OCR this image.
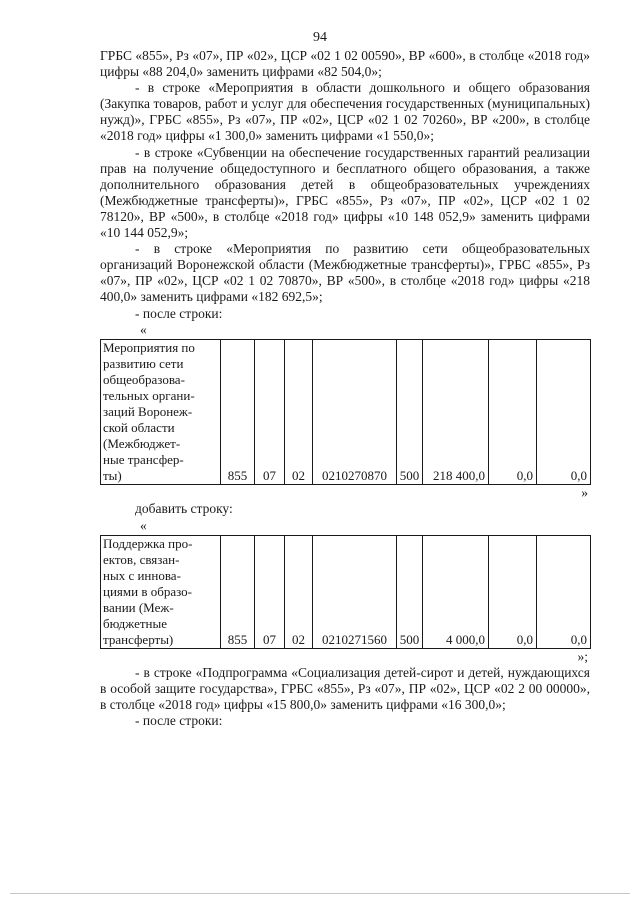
94

ГРБС «855», Рз «07», ПР «02», ЦСР «02 1 02 00590», ВР «600», в столбце «2018 год» цифры «88 204,0» заменить цифрами «82 504,0»;

- в строке «Мероприятия в области дошкольного и общего образования (Закупка товаров, работ и услуг для обеспечения государственных (муниципальных) нужд)», ГРБС «855», Рз «07», ПР «02», ЦСР «02 1 02 70260», ВР «200», в столбце «2018 год» цифры «1 300,0» заменить цифрами «1 550,0»;

- в строке «Субвенции на обеспечение государственных гарантий реализации прав на получение общедоступного и бесплатного общего образования, а также дополнительного образования детей в общеобразовательных учреждениях (Межбюджетные трансферты)», ГРБС «855», Рз «07», ПР «02», ЦСР «02 1 02 78120», ВР «500», в столбце «2018 год» цифры «10 148 052,9» заменить цифрами «10 144 052,9»;

- в строке «Мероприятия по развитию сети общеобразовательных организаций Воронежской области (Межбюджетные трансферты)», ГРБС «855», Рз «07», ПР «02», ЦСР «02 1 02 70870», ВР «500», в столбце «2018 год» цифры «218 400,0» заменить цифрами «182 692,5»;

- после строки:

«
Мероприятия по
развитию сети
общеобразова-
тельных органи-
заций Воронеж-
ской области
(Межбюджет-
ные трансфер-
ты)	855	07	02	0210270870	500	218 400,0	0,0	0,0
»

добавить строку:

«
Поддержка про-
ектов, связан-
ных с иннова-
циями в образо-
вании (Меж-
бюджетные
трансферты)	855	07	02	0210271560	500	4 000,0	0,0	0,0
»;

- в строке «Подпрограмма «Социализация детей-сирот и детей, нуждающихся в особой защите государства», ГРБС «855», Рз «07», ПР «02», ЦСР «02 2 00 00000», в столбце «2018 год» цифры «15 800,0» заменить цифрами «16 300,0»;

- после строки:
